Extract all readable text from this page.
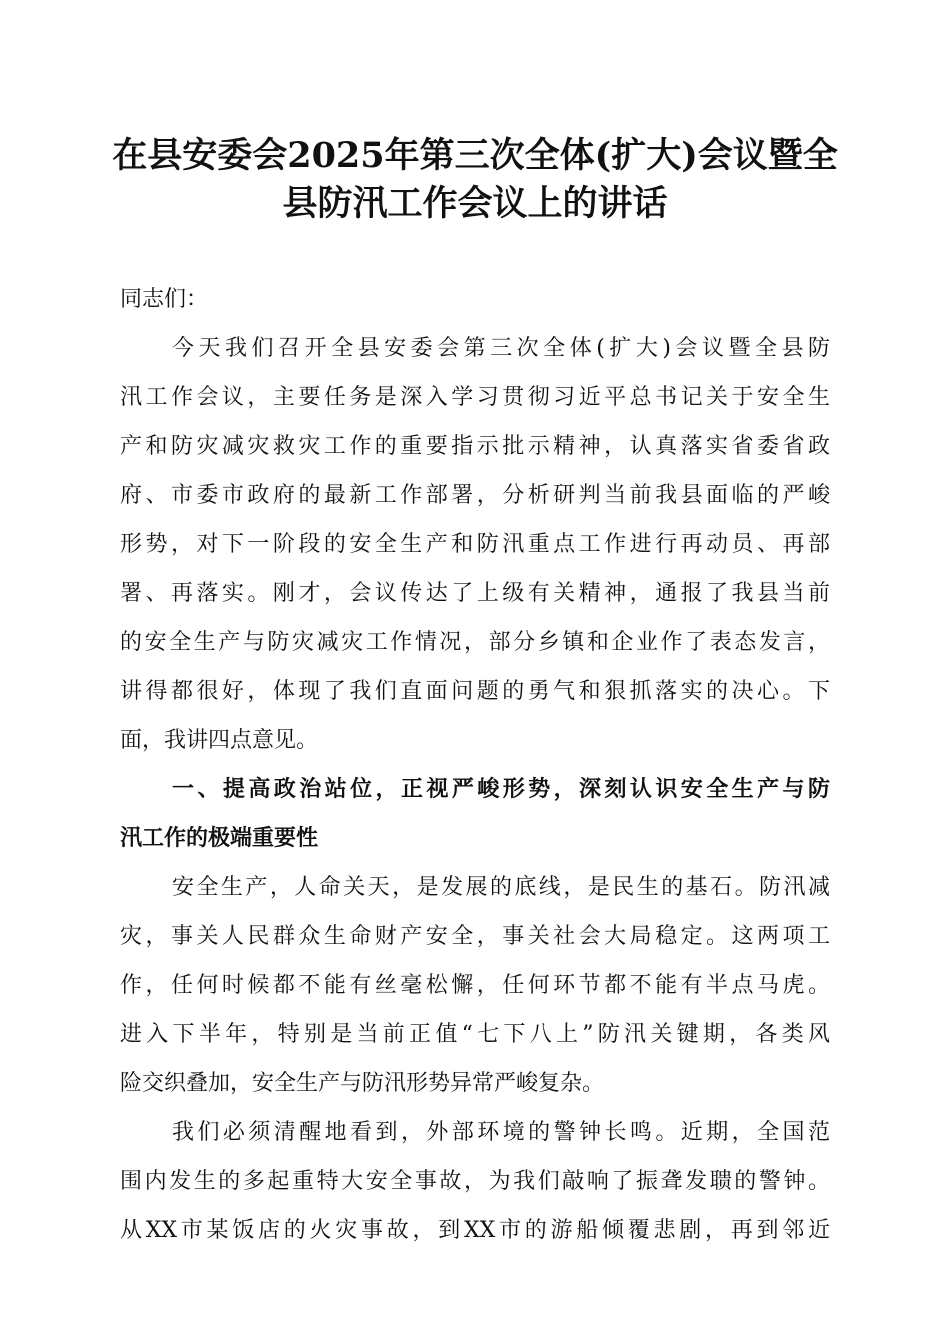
在县安委会2025年第三次全体(扩大)会议暨全
县防汛工作会议上的讲话
同志们：
今天我们召开全县安委会第三次全体(扩大)会议暨全县防
汛工作会议，主要任务是深入学习贯彻习近平总书记关于安全生
产和防灾减灾救灾工作的重要指示批示精神，认真落实省委省政
府、市委市政府的最新工作部署，分析研判当前我县面临的严峻
形势，对下一阶段的安全生产和防汛重点工作进行再动员、再部
署、再落实。刚才，会议传达了上级有关精神，通报了我县当前
的安全生产与防灾减灾工作情况，部分乡镇和企业作了表态发言，
讲得都很好，体现了我们直面问题的勇气和狠抓落实的决心。下
面，我讲四点意见。
一、提高政治站位，正视严峻形势，深刻认识安全生产与防
汛工作的极端重要性
安全生产，人命关天，是发展的底线，是民生的基石。防汛减
灾，事关人民群众生命财产安全，事关社会大局稳定。这两项工
作，任何时候都不能有丝毫松懈，任何环节都不能有半点马虎。
进入下半年，特别是当前正值“七下八上”防汛关键期，各类风
险交织叠加，安全生产与防汛形势异常严峻复杂。
我们必须清醒地看到，外部环境的警钟长鸣。近期，全国范
围内发生的多起重特大安全事故，为我们敲响了振聋发聩的警钟。
从XX市某饭店的火灾事故，到XX市的游船倾覆悲剧，再到邻近
